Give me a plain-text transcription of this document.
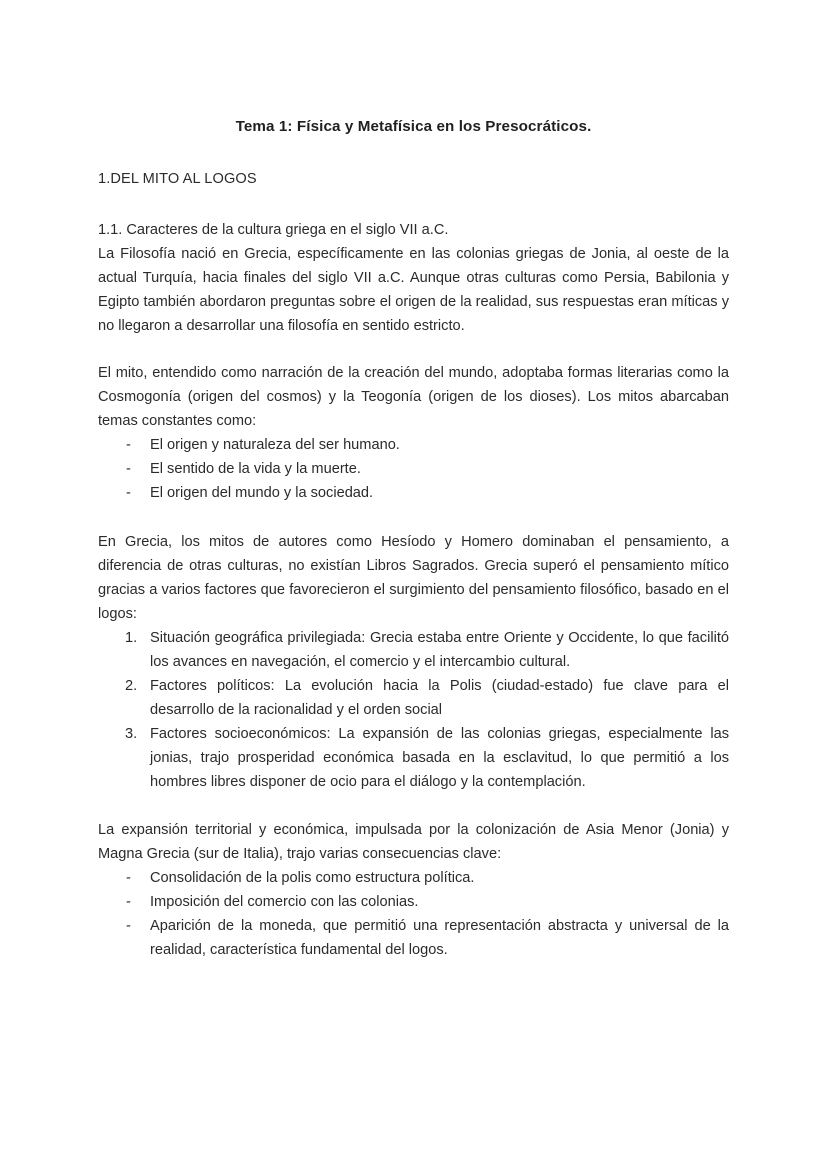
Tema 1: Física y Metafísica en los Presocráticos.
1.DEL MITO AL LOGOS

1.1. Caracteres de la cultura griega en el siglo VII a.C.

La Filosofía nació en Grecia, específicamente en las colonias griegas de Jonia, al oeste de la actual Turquía, hacia finales del siglo VII a.C. Aunque otras culturas como Persia, Babilonia y Egipto también abordaron preguntas sobre el origen de la realidad, sus respuestas eran míticas y no llegaron a desarrollar una filosofía en sentido estricto.

El mito, entendido como narración de la creación del mundo, adoptaba formas literarias como la Cosmogonía (origen del cosmos) y la Teogonía (origen de los dioses). Los mitos abarcaban temas constantes como:

- El origen y naturaleza del ser humano.
- El sentido de la vida y la muerte.
- El origen del mundo y la sociedad.

En Grecia, los mitos de autores como Hesíodo y Homero dominaban el pensamiento, a diferencia de otras culturas, no existían Libros Sagrados. Grecia superó el pensamiento mítico gracias a varios factores que favorecieron el surgimiento del pensamiento filosófico, basado en el logos:

1. Situación geográfica privilegiada: Grecia estaba entre Oriente y Occidente, lo que facilitó los avances en navegación, el comercio y el intercambio cultural.
2. Factores políticos: La evolución hacia la Polis (ciudad-estado) fue clave para el desarrollo de la racionalidad y el orden social
3. Factores socioeconómicos: La expansión de las colonias griegas, especialmente las jonias, trajo prosperidad económica basada en la esclavitud, lo que permitió a los hombres libres disponer de ocio para el diálogo y la contemplación.

La expansión territorial y económica, impulsada por la colonización de Asia Menor (Jonia) y Magna Grecia (sur de Italia), trajo varias consecuencias clave:

- Consolidación de la polis como estructura política.
- Imposición del comercio con las colonias.
- Aparición de la moneda, que permitió una representación abstracta y universal de la realidad, característica fundamental del logos.
